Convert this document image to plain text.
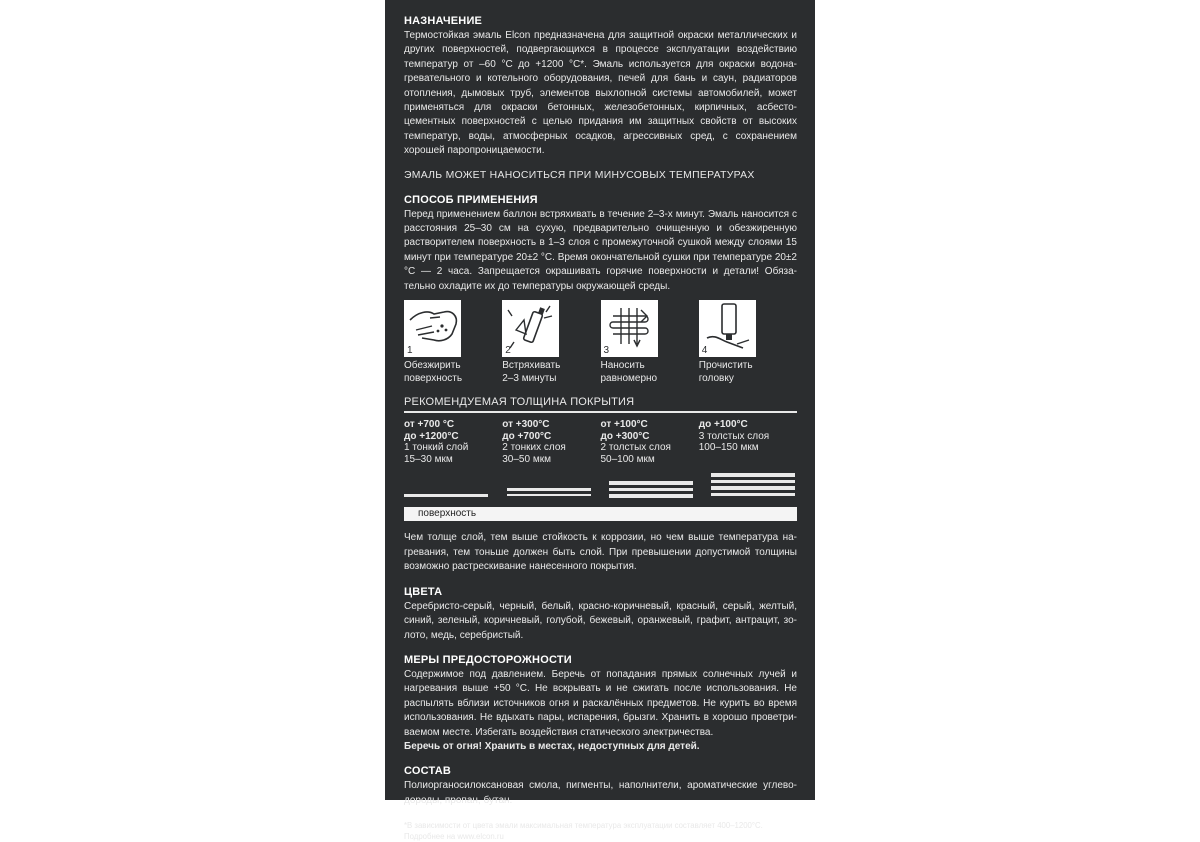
НАЗНАЧЕНИЕ

Термостойкая эмаль Elcon предназначена для защитной окраски металлических и других поверхностей, подвергающихся в процессе эксплуатации воздействию температур от –60 °С до +1200 °С*. Эмаль используется для окраски водона-гревательного и котельного оборудования, печей для бань и саун, радиаторов отопления, дымовых труб, элементов выхлопной системы автомобилей, может применяться для окраски бетонных, железобетонных, кирпичных, асбесто-цементных поверхностей с целью придания им защитных свойств от высоких температур, воды, атмосферных осадков, агрессивных сред, с сохранением хорошей паропроницаемости.

ЭМАЛЬ МОЖЕТ НАНОСИТЬСЯ ПРИ МИНУСОВЫХ ТЕМПЕРАТУРАХ
СПОСОБ ПРИМЕНЕНИЯ

Перед применением баллон встряхивать в течение 2–3-х минут. Эмаль наносится с расстояния 25–30 см на сухую, предварительно очищенную и обезжиренную растворителем поверхность в 1–3 слоя с промежуточной сушкой между слоями 15 минут при температуре 20±2 °С. Время окончательной сушки при температуре 20±2 °С — 2 часа. Запрещается окрашивать горячие поверхности и детали! Обяза-тельно охладите их до температуры окружающей среды.

1
Обезжирить
поверхность
2
Встряхивать
2–3 минуты
3
Наносить
равномерно
4
Прочистить
головку
РЕКОМЕНДУЕМАЯ ТОЛЩИНА ПОКРЫТИЯ
от +700 °С
до +1200°С
1 тонкий слой
15–30 мкм
от +300°С
до +700°С
2 тонких слоя
30–50 мкм
от +100°С
до +300°С
2 толстых слоя
50–100 мкм
до +100°С
3 толстых слоя
100–150 мкм
поверхность

Чем толще слой, тем выше стойкость к коррозии, но чем выше температура на-гревания, тем тоньше должен быть слой. При превышении допустимой толщины возможно растрескивание нанесенного покрытия.

ЦВЕТА

Серебристо-серый, черный, белый, красно-коричневый, красный, серый, желтый, синий, зеленый, коричневый, голубой, бежевый, оранжевый, графит, антрацит, зо-лото, медь, серебристый.

МЕРЫ ПРЕДОСТОРОЖНОСТИ

Содержимое под давлением. Беречь от попадания прямых солнечных лучей и нагревания выше +50 °С. Не вскрывать и не сжигать после использования. Не распылять вблизи источников огня и раскалённых предметов. Не курить во время использования. Не вдыхать пары, испарения, брызги. Хранить в хорошо проветри-ваемом месте. Избегать воздействия статического электричества.

Беречь от огня! Хранить в местах, недоступных для детей.

СОСТАВ

Полиорганосилоксановая смола, пигменты, наполнители, ароматические углево-дороды, пропан, бутан.

*В зависимости от цвета эмали максимальная температура эксплуатации составляет 400–1200°С.
Подробнее на www.elcon.ru
